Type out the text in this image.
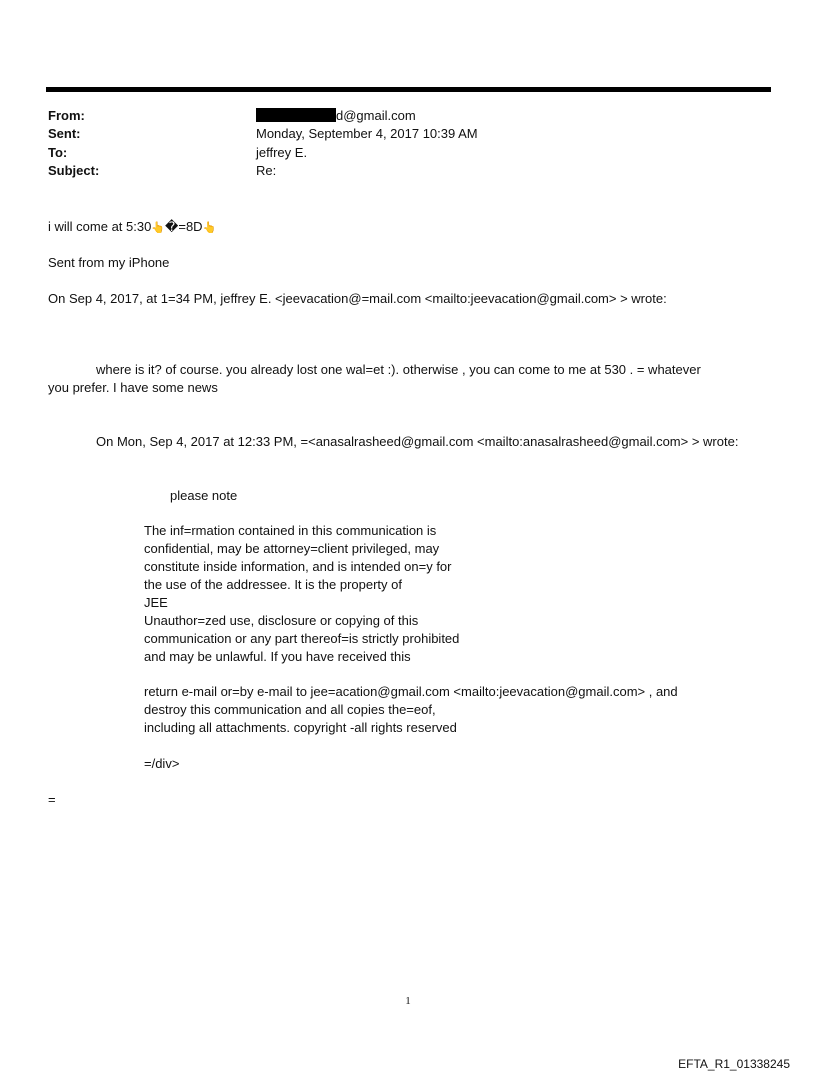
From:	d@gmail.com
Sent:	Monday, September 4, 2017 10:39 AM
To:	jeffrey E.
Subject:	Re:
i will come at 5:30👆�=8D👆
Sent from my iPhone
On Sep 4, 2017, at 1=34 PM, jeffrey E. <jeevacation@=mail.com <mailto:jeevacation@gmail.com> > wrote:
where is it? of course. you already lost one wal=et :). otherwise , you can come to me at 530 . = whatever
you prefer. I have some news
On Mon, Sep 4, 2017 at 12:33 PM, =<anasalrasheed@gmail.com <mailto:anasalrasheed@gmail.com> > wrote:
please note
The inf=rmation contained in this communication is
confidential, may be attorney=client privileged, may
constitute inside information, and is intended on=y for
the use of the addressee. It is the property of
JEE
Unauthor=zed use, disclosure or copying of this
communication or any part thereof=is strictly prohibited
and may be unlawful. If you have received this
return e-mail or=by e-mail to jee=acation@gmail.com <mailto:jeevacation@gmail.com> , and
destroy this communication and all copies the=eof,
including all attachments. copyright -all rights reserved
=/div>
=
1
EFTA_R1_01338245
